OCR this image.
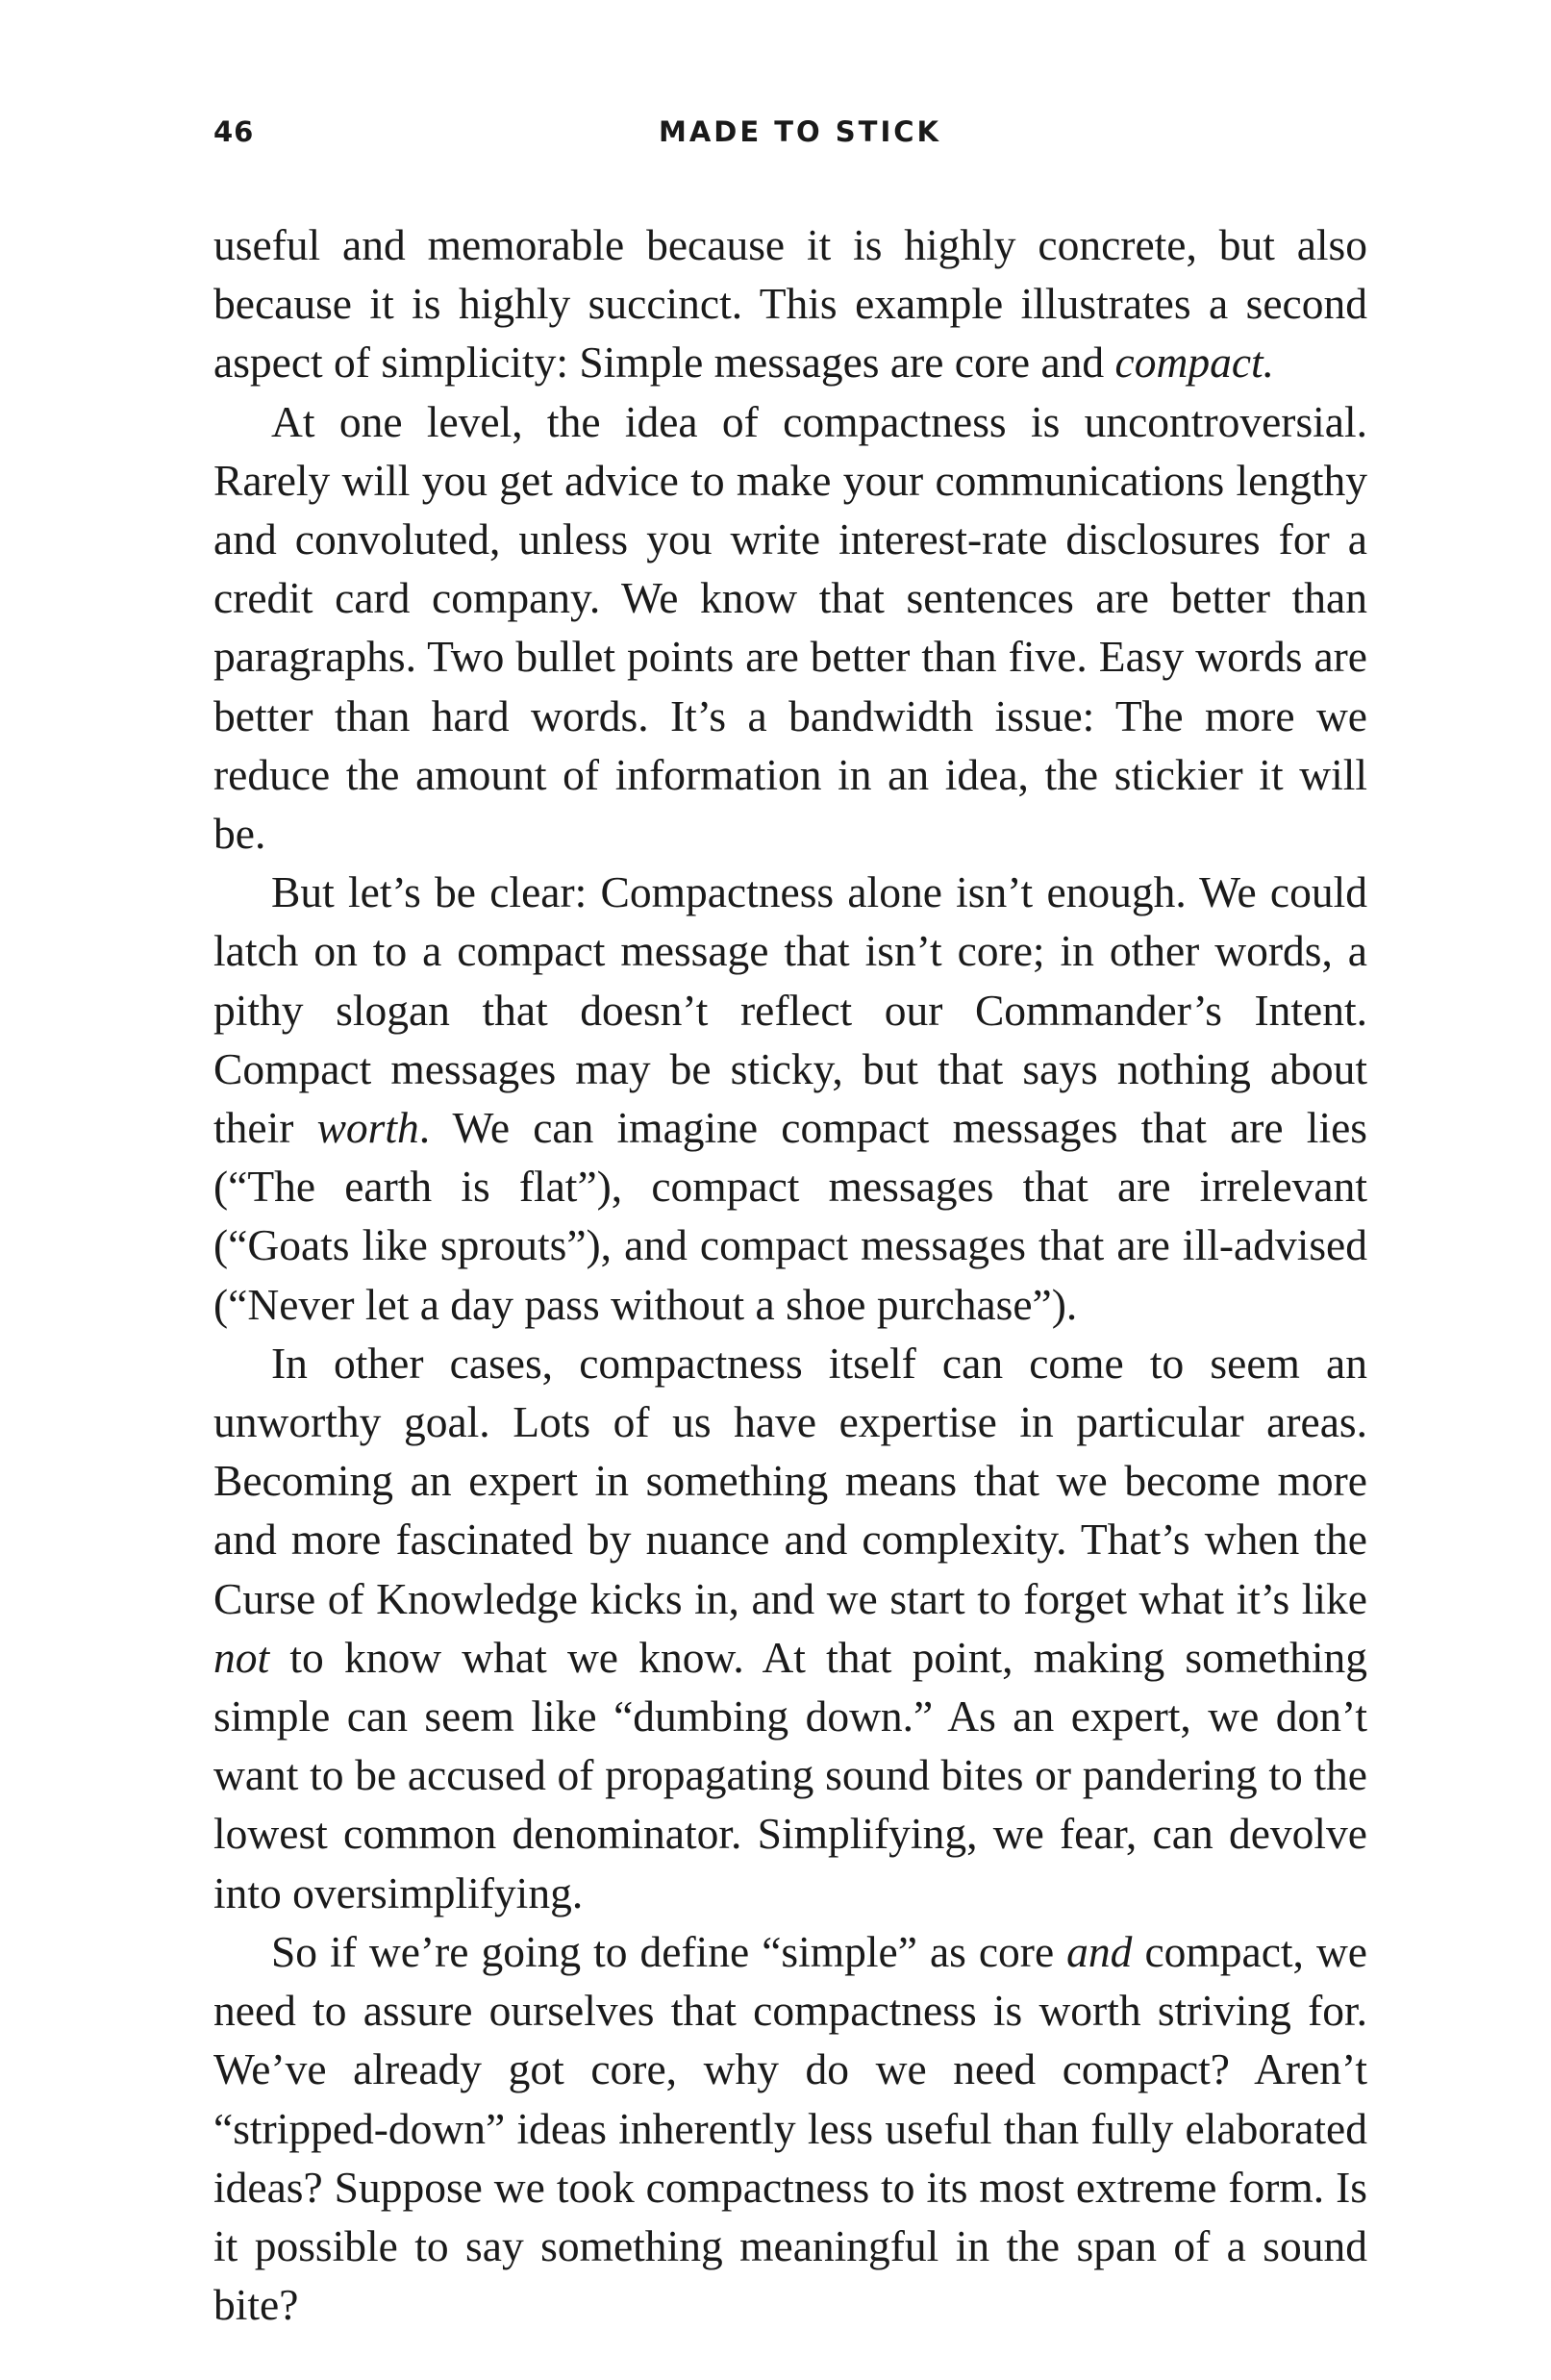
46	MADE TO STICK

useful and memorable because it is highly concrete, but also because it is highly succinct. This example illustrates a second aspect of simplicity: Simple messages are core and compact.

At one level, the idea of compactness is uncontroversial. Rarely will you get advice to make your communications lengthy and convoluted, unless you write interest-rate disclosures for a credit card company. We know that sentences are better than paragraphs. Two bullet points are better than five. Easy words are better than hard words. It’s a bandwidth issue: The more we reduce the amount of information in an idea, the stickier it will be.

But let’s be clear: Compactness alone isn’t enough. We could latch on to a compact message that isn’t core; in other words, a pithy slogan that doesn’t reflect our Commander’s Intent. Compact messages may be sticky, but that says nothing about their worth. We can imagine compact messages that are lies (“The earth is flat”), compact messages that are irrelevant (“Goats like sprouts”), and compact messages that are ill-advised (“Never let a day pass without a shoe purchase”).

In other cases, compactness itself can come to seem an unworthy goal. Lots of us have expertise in particular areas. Becoming an expert in something means that we become more and more fascinated by nuance and complexity. That’s when the Curse of Knowledge kicks in, and we start to forget what it’s like not to know what we know. At that point, making something simple can seem like “dumbing down.” As an expert, we don’t want to be accused of propagating sound bites or pandering to the lowest common denominator. Simplifying, we fear, can devolve into oversimplifying.

So if we’re going to define “simple” as core and compact, we need to assure ourselves that compactness is worth striving for. We’ve already got core, why do we need compact? Aren’t “stripped-down” ideas inherently less useful than fully elaborated ideas? Suppose we took compactness to its most extreme form. Is it possible to say something meaningful in the span of a sound bite?
